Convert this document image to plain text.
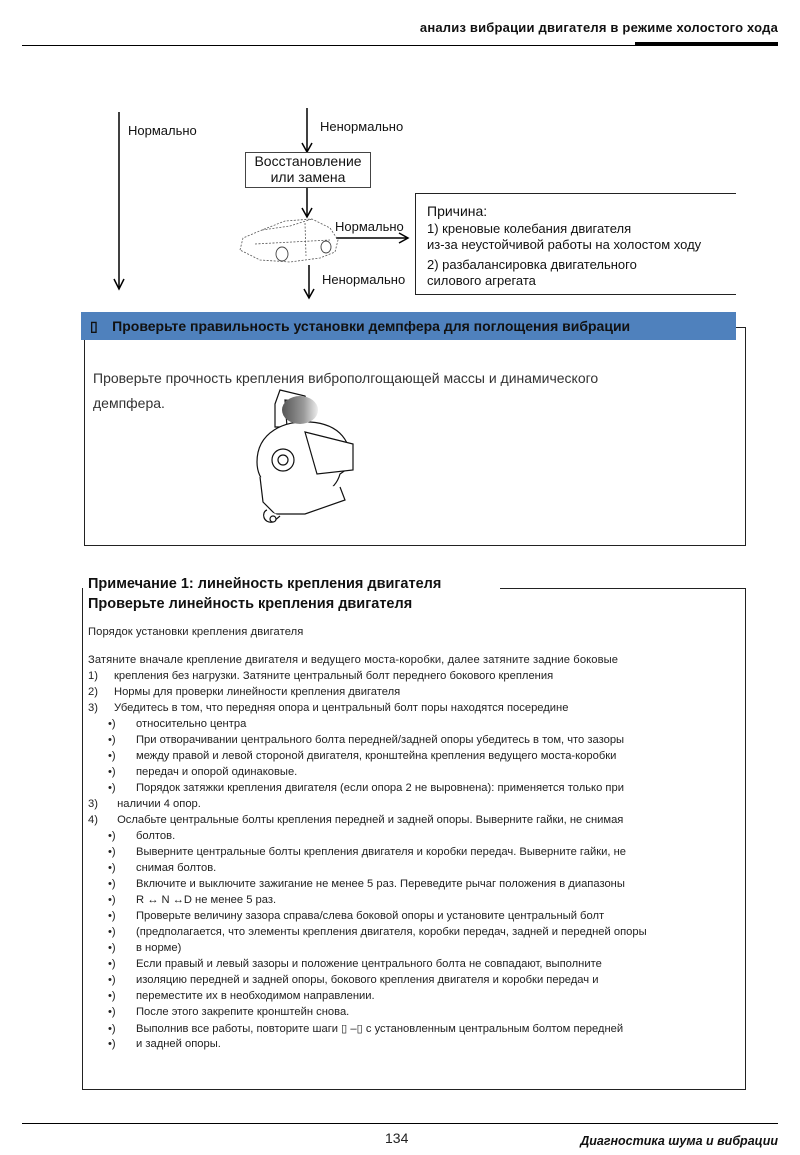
анализ вибрации двигателя в режиме холостого хода
Нормально	Ненормально
Восстановление
или замена
Нормально
Ненормально
Причина:
1) креновые колебания двигателя
из-за неустойчивой работы на холостом ходу
2) разбалансировка двигательного
силового агрегата
▯ Проверьте правильность установки демпфера для поглощения вибрации
Проверьте прочность крепления виброполгощающей массы и динамического
демпфера.
Примечание 1: линейность крепления двигателя
Проверьте линейность крепления двигателя
Порядок установки крепления двигателя
Затяните вначале крепление двигателя и ведущего моста-коробки, далее затяните задние боковые
1) крепления без нагрузки. Затяните центральный болт переднего бокового крепления
2) Нормы для проверки линейности крепления двигателя
3) Убедитесь в том, что передняя опора и центральный болт поры находятся посередине
•) относительно центра
•) При отворачивании центрального болта передней/задней опоры убедитесь в том, что зазоры
•) между правой и левой стороной двигателя, кронштейна крепления ведущего моста-коробки
•) передач и опорой одинаковые.
•) Порядок затяжки крепления двигателя (если опора 2 не выровнена): применяется только при
3) наличии 4 опор.
4) Ослабьте центральные болты крепления передней и задней опоры. Выверните гайки, не снимая
•) болтов.
•) Выверните центральные болты крепления двигателя и коробки передач. Выверните гайки, не
•) снимая болтов.
•) Включите и выключите зажигание не менее 5 раз. Переведите рычаг положения в диапазоны
•) R ↔ N ↔D не менее 5 раз.
•) Проверьте величину зазора справа/слева боковой опоры и установите центральный болт
•) (предполагается, что элементы крепления двигателя, коробки передач, задней и передней опоры
•) в норме)
•) Если правый и левый зазоры и положение центрального болта не совпадают, выполните
•) изоляцию передней и задней опоры, бокового крепления двигателя и коробки передач и
•) переместите их в необходимом направлении.
•) После этого закрепите кронштейн снова.
•) Выполнив все работы, повторите шаги ▯ –▯ с установленным центральным болтом передней
•) и задней опоры.
134	Диагностика шума и вибрации
